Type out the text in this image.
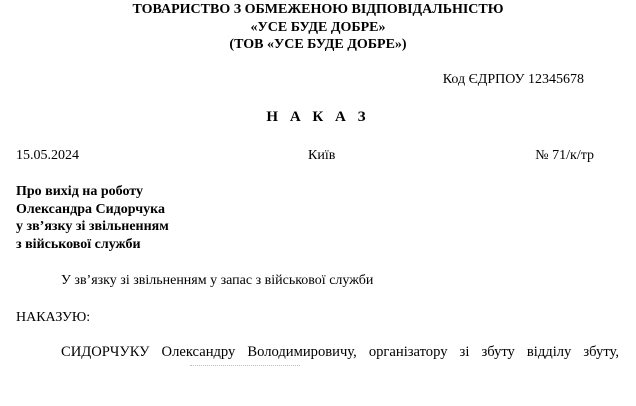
ТОВАРИСТВО З ОБМЕЖЕНОЮ ВІДПОВІДАЛЬНІСТЮ
«УСЕ БУДЕ ДОБРЕ»
(ТОВ «УСЕ БУДЕ ДОБРЕ»)
Код ЄДРПОУ 12345678
Н А К А З
15.05.2024	Київ	№ 71/к/тр
Про вихід на роботу
Олександра Сидорчука
у зв’язку зі звільненням
з військової служби
У зв’язку зі звільненням у запас з військової служби
НАКАЗУЮ:
СИДОРЧУКУ Олександру Володимировичу, організатору зі збуту відділу збуту,
